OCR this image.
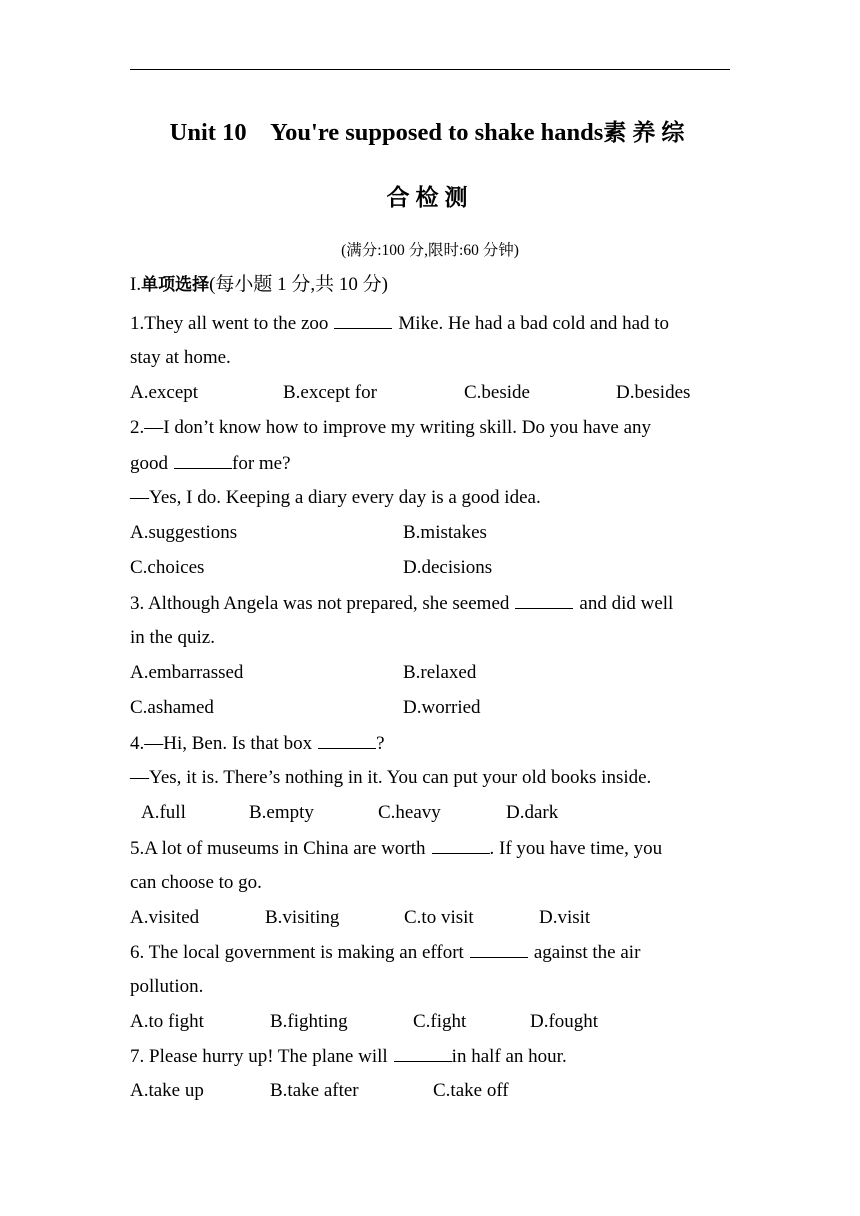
Unit 10    You're supposed to shake hands素养综
合检测
(满分:100 分,限时:60 分钟)
I.单项选择(每小题 1 分,共 10 分)
1.They all went to the zoo	Mike. He had a bad cold and had to
stay at home.
A.except	B.except for	C.beside	D.besides
2.—I don’t know how to improve my writing skill. Do you have any
good	for me?
—Yes, I do. Keeping a diary every day is a good idea.
A.suggestions	B.mistakes
C.choices	D.decisions
3. Although Angela was not prepared, she seemed	and did well
in the quiz.
A.embarrassed	B.relaxed
C.ashamed	D.worried
4.—Hi, Ben. Is that box	?
—Yes, it is. There’s nothing in it. You can put your old books inside.
A.full	B.empty	C.heavy	D.dark
5.A lot of museums in China are worth	. If you have time, you
can choose to go.
A.visited	B.visiting	C.to visit	D.visit
6. The local government is making an effort	against the air
pollution.
A.to fight	B.fighting	C.fight	D.fought
7. Please hurry up! The plane will	in half an hour.
A.take up	B.take after	C.take off
